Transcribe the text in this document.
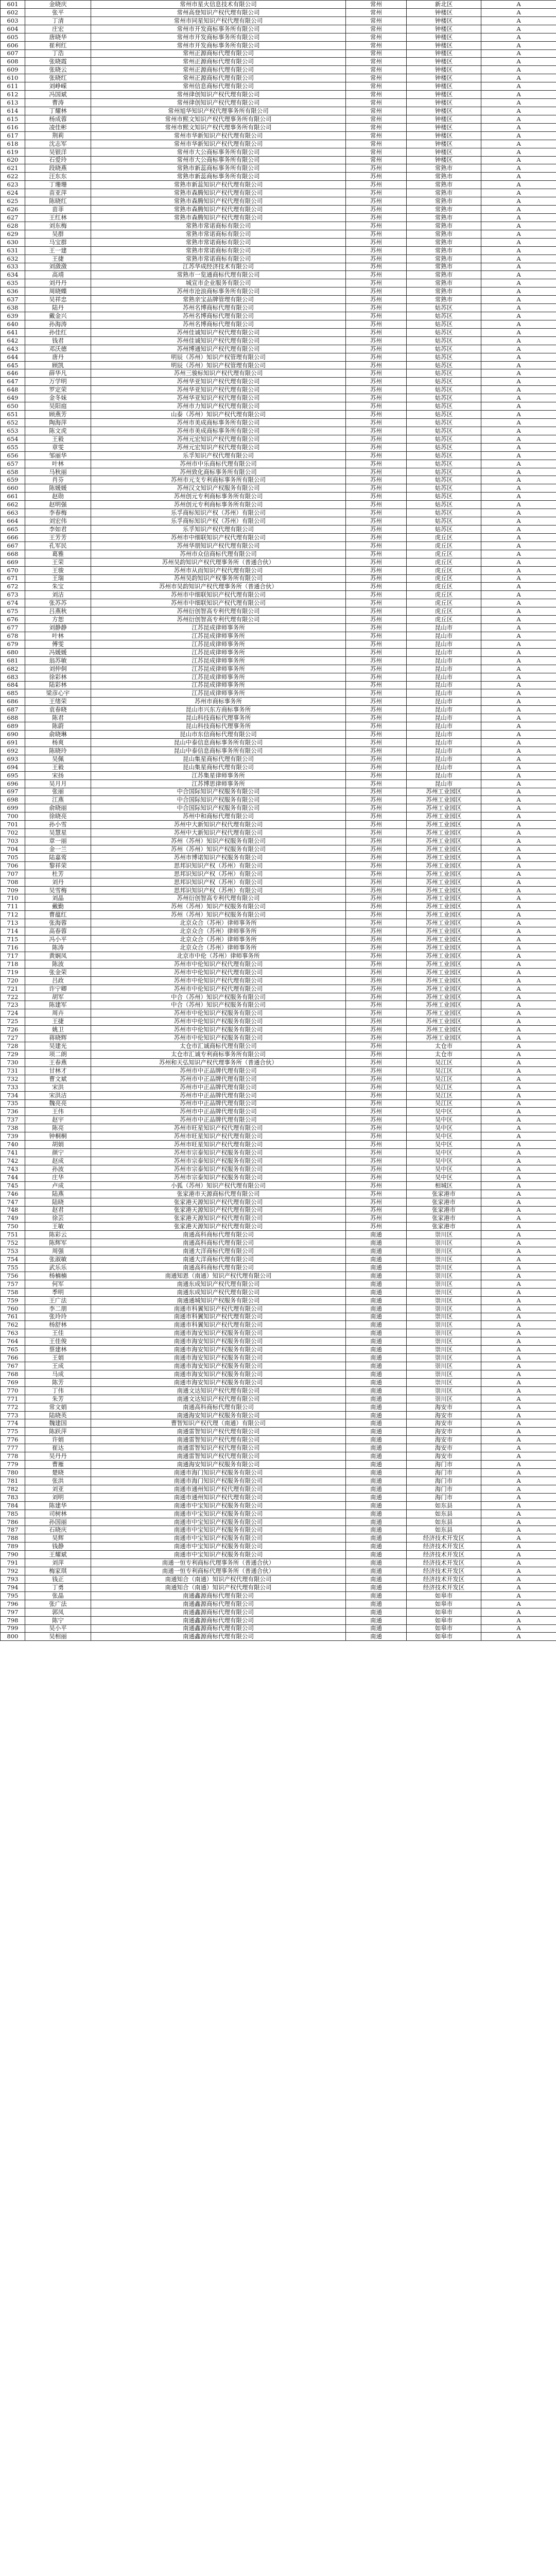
601	金晓庆	常州市星火信息技术有限公司	常州	新北区	A
602	张平	常州高登知识产权代理有限公司	常州	钟楼区	A
603	丁清	常州市同星知识产权代理有限公司	常州	钟楼区	A
604	庄宏	常州市开发商标事务所有限公司	常州	钟楼区	A
605	唐晓华	常州市开发商标事务所有限公司	常州	钟楼区	A
606	崔利红	常州市开发商标事务所有限公司	常州	钟楼区	A
607	丁浩	常州正源商标代理有限公司	常州	钟楼区	A
608	张晓霞	常州正源商标代理有限公司	常州	钟楼区	A
609	张晓云	常州正源商标代理有限公司	常州	钟楼区	A
610	张晓红	常州正源商标代理有限公司	常州	钟楼区	A
611	刘峥嵘	常州信息商标代理有限公司	常州	钟楼区	A
612	冯国斌	常州律创知识产权代理有限公司	常州	钟楼区	A
613	曹涛	常州律创知识产权代理有限公司	常州	钟楼区	A
614	丁耀林	常州旭华知识产权代理事务所有限公司	常州	钟楼区	A
615	杨成蓉	常州市熙文知识产权代理事务所有限公司	常州	钟楼区	A
616	凌佳彬	常州市熙文知识产权代理事务所有限公司	常州	钟楼区	A
617	荆莉	常州市华新知识产权代理有限公司	常州	钟楼区	A
618	沈志军	常州市华新知识产权代理有限公司	常州	钟楼区	A
619	吴银洋	常州市大公商标事务所有限公司	常州	钟楼区	A
620	石爱玲	常州市大公商标事务所有限公司	常州	钟楼区	A
621	段晓燕	常熟市新蕊商标事务所有限公司	苏州	常熟市	A
622	汪东东	常熟市新蕊商标事务所有限公司	苏州	常熟市	A
623	丁珊珊	常熟市新蕊知识产权代理有限公司	苏州	常熟市	A
624	苗亚萍	常熟市森腾知识产权代理有限公司	苏州	常熟市	A
625	陈晓红	常熟市森腾知识产权代理有限公司	苏州	常熟市	A
626	苗菲	常熟市森腾知识产权代理有限公司	苏州	常熟市	A
627	王红林	常熟市森腾知识产权代理有限公司	苏州	常熟市	A
628	刘东梅	常熟市常诺商标有限公司	苏州	常熟市	A
629	吴群	常熟市常诺商标有限公司	苏州	常熟市	A
630	马宝群	常熟市常诺商标有限公司	苏州	常熟市	A
631	王一建	常熟市常诺商标有限公司	苏州	常熟市	A
632	王捷	常熟市常诺商标有限公司	苏州	常熟市	A
633	刘潋潋	江苏华成经济技术有限公司	苏州	常熟市	A
634	高靖	常熟市一览通商标代理有限公司	苏州	常熟市	A
635	刘丹丹	城宣市企业服务有限公司	苏州	常熟市	A
636	周晓蝶	苏州市沧浪商标事务所有限公司	苏州	常熟市	A
637	吴祥忠	常熟亲宝品牌管理有限公司	苏州	常熟市	A
638	陆丹	苏州名博商标代理有限公司	苏州	姑苏区	A
639	戴金兴	苏州名博商标代理有限公司	苏州	姑苏区	A
640	孙海涛	苏州名博商标代理有限公司	苏州	姑苏区	A
641	孙佳红	苏州佳诚知识产权代理有限公司	苏州	姑苏区	A
642	钱君	苏州佳诚知识产权代理有限公司	苏州	姑苏区	A
643	邓沃德	苏州博通知识产权代理有限公司	苏州	姑苏区	A
644	唐丹	明辰（苏州）知识产权管理有限公司	苏州	姑苏区	A
645	顾凯	明辰（苏州）知识产权管理有限公司	苏州	姑苏区	A
646	薛华凡	苏州三骏标知识产权代理有限公司	苏州	姑苏区	A
647	万学明	苏州华亚知识产权代理有限公司	苏州	姑苏区	A
648	罗定荣	苏州华亚知识产权代理有限公司	苏州	姑苏区	A
649	金冬妹	苏州华亚知识产权代理有限公司	苏州	姑苏区	A
650	吴阳庭	苏州市力知识产权代理有限公司	苏州	姑苏区	A
651	顾燕芳	山泰（苏州）知识产权代理有限公司	苏州	姑苏区	A
652	陶海萍	苏州市美成商标事务所有限公司	苏州	姑苏区	A
653	陈文虎	苏州市美成商标事务所有限公司	苏州	姑苏区	A
654	王毅	苏州元宏知识产权代理有限公司	苏州	姑苏区	A
655	章雯	苏州元宏知识产权代理有限公司	苏州	姑苏区	A
656	邹丽华	乐孚知识产权代理有限公司	苏州	姑苏区	A
657	叶林	苏州市中乐商标代理有限公司	苏州	姑苏区	A
658	马秋丽	苏州致化商标事务所有限公司	苏州	姑苏区	A
659	肖芬	苏州市元支专利商标事务所有限公司	苏州	姑苏区	A
660	陈媛媛	苏州汉文知识产权服务有限公司	苏州	姑苏区	A
661	赵勋	苏州创元专利商标事务所有限公司	苏州	姑苏区	A
662	赵明强	苏州创元专利商标事务所有限公司	苏州	姑苏区	A
663	李春梅	乐孚商标知识产权（苏州）有限公司	苏州	姑苏区	A
664	刘宏伟	乐孚商标知识产权（苏州）有限公司	苏州	姑苏区	A
665	李如君	乐孚知识产权代理有限公司	苏州	姑苏区	A
666	王芳芳	苏州市中细联知识产权代理有限公司	苏州	虎丘区	A
667	孔军民	苏州华朋知识产权代理有限公司	苏州	虎丘区	A
668	葛雅	苏州市众信商标代理有限公司	苏州	虎丘区	A
669	王荣	苏州吴韵知识产权代理事务所（普通合伙）	苏州	虎丘区	A
670	王骏	苏州市从而知识产权代理有限公司	苏州	虎丘区	A
671	王瑞	苏州吴韵知识产权事务所有限公司	苏州	虎丘区	A
672	朱宝	苏州市吴韵知识产权代理事务所（普通合伙）	苏州	虎丘区	A
673	刘洁	苏州市中细联知识产权代理有限公司	苏州	虎丘区	A
674	张苏苏	苏州市中细联知识产权代理有限公司	苏州	虎丘区	A
675	吕燕秋	苏州衍创智高专利代理有限公司	苏州	虎丘区	A
676	方恕	苏州衍创智高专利代理有限公司	苏州	虎丘区	A
677	刘静静	江苏昆成律师事务所	苏州	昆山市	A
678	叶林	江苏昆成律师事务所	苏州	昆山市	A
679	傅雯	江苏昆成律师事务所	苏州	昆山市	A
680	冯媛媛	江苏昆成律师事务所	苏州	昆山市	A
681	翁苏敏	江苏昆成律师事务所	苏州	昆山市	A
682	刘仲侗	江苏昆成律师事务所	苏州	昆山市	A
683	徐彩林	江苏昆成律师事务所	苏州	昆山市	A
684	陆彩林	江苏昆成律师事务所	苏州	昆山市	A
685	梁彦心宇	江苏昆成律师事务所	苏州	昆山市	A
686	王绪荣	苏州市商标事务所	苏州	昆山市	A
687	袁春晓	昆山市兴东方商标事务所	苏州	昆山市	A
688	陈君	昆山科技商标代理事务所	苏州	昆山市	A
689	陈蔚	昆山科技商标代理事务所	苏州	昆山市	A
690	俞晓琳	昆山市东信商标代理有限公司	苏州	昆山市	A
691	杨爽	昆山中泰信息商标事务所有限公司	苏州	昆山市	A
692	陈晓玲	昆山中泰信息商标事务所有限公司	苏州	昆山市	A
693	吴佩	昆山集星商标代理有限公司	苏州	昆山市	A
694	王毅	昆山集星商标代理有限公司	苏州	昆山市	A
695	宋扬	江苏集星律师事务所	苏州	昆山市	A
696	吴月月	江苏博思律师事务所	苏州	昆山市	A
697	张丽	中合国际知识产权服务有限公司	苏州	苏州工业园区	A
698	江燕	中合国际知识产权服务有限公司	苏州	苏州工业园区	A
699	俞晓丽	中合国际知识产权服务有限公司	苏州	苏州工业园区	A
700	徐晓亮	苏州中和商标代理有限公司	苏州	苏州工业园区	A
701	孙小雪	苏州中大新知识产权代理有限公司	苏州	苏州工业园区	A
702	吴慧星	苏州中大新知识产权代理有限公司	苏州	苏州工业园区	A
703	章一丽	苏州（苏州）知识产权服务有限公司	苏州	苏州工业园区	A
704	金一兰	苏州（苏州）知识产权服务有限公司	苏州	苏州工业园区	A
705	陆嘉莺	苏州市博诺知识产权服务有限公司	苏州	苏州工业园区	A
706	黎祥荣	思邦识知识产权（苏州）有限公司	苏州	苏州工业园区	A
707	杜芳	思邦识知识产权（苏州）有限公司	苏州	苏州工业园区	A
708	刘丹	思邦识知识产权（苏州）有限公司	苏州	苏州工业园区	A
709	吴雪梅	思邦识知识产权（苏州）有限公司	苏州	苏州工业园区	A
710	刘晶	苏州衍创智高专利代理有限公司	苏州	苏州工业园区	A
711	戴勤	苏州（苏州）知识产权服务有限公司	苏州	苏州工业园区	A
712	曹蕴红	苏州（苏州）知识产权服务有限公司	苏州	苏州工业园区	A
713	张海蓉	北京众合（苏州）律师事务所	苏州	苏州工业园区	A
714	高春蓉	北京众合（苏州）律师事务所	苏州	苏州工业园区	A
715	冯小平	北京众合（苏州）律师事务所	苏州	苏州工业园区	A
716	陈涛	北京众合（苏州）律师事务所	苏州	苏州工业园区	A
717	黄娴凤	北京市中伦（苏州）律师事务所	苏州	苏州工业园区	A
718	陈波	苏州市中伦知识产权代理有限公司	苏州	苏州工业园区	A
719	张金荣	苏州市中伦知识产权代理有限公司	苏州	苏州工业园区	A
720	吕政	苏州市中伦知识产权代理有限公司	苏州	苏州工业园区	A
721	许宁卿	苏州市中伦知识产权代理有限公司	苏州	苏州工业园区	A
722	胡军	中合（苏州）知识产权服务有限公司	苏州	苏州工业园区	A
723	陈建军	中合（苏州）知识产权服务有限公司	苏州	苏州工业园区	A
724	周卉	苏州市中伦知识产权服务有限公司	苏州	苏州工业园区	A
725	王捷	苏州市中伦知识产权服务有限公司	苏州	苏州工业园区	A
726	姚卫	苏州市中伦知识产权服务有限公司	苏州	苏州工业园区	A
727	蒋晓辉	苏州市中伦知识产权服务有限公司	苏州	苏州工业园区	A
728	吴建光	太仓市汇诚商标代理有限公司	苏州	太仓市	A
729	项二朗	太仓市汇诚专利商标事务所有限公司	苏州	太仓市	A
730	王春燕	苏州和天弘知识产权代理事务所（普通合伙）	苏州	吴江区	A
731	甘林才	苏州市中正品牌代理有限公司	苏州	吴江区	A
732	曹文斌	苏州市中正品牌代理有限公司	苏州	吴江区	A
733	宋洪	苏州市中正品牌代理有限公司	苏州	吴江区	A
734	宋洪洁	苏州市中正品牌代理有限公司	苏州	吴江区	A
735	魏亮亮	苏州市中正品牌代理有限公司	苏州	吴江区	A
736	王伟	苏州市中正品牌代理有限公司	苏州	吴中区	A
737	赵宇	苏州市中正品牌代理有限公司	苏州	吴中区	A
738	陈亮	苏州市旺星知识产权代理有限公司	苏州	吴中区	A
739	钟桐桐	苏州市旺星知识产权代理有限公司	苏州	吴中区	A
740	胡娟	苏州市旺星知识产权代理有限公司	苏州	吴中区	A
741	颜宁	苏州市宗泰知识产权服务有限公司	苏州	吴中区	A
742	赵成	苏州市宗泰知识产权服务有限公司	苏州	吴中区	A
743	孙波	苏州市宗泰知识产权服务有限公司	苏州	吴中区	A
744	庄华	苏州市宗泰知识产权服务有限公司	苏州	吴中区	A
745	卢成	小狐（苏州）知识产权代理有限公司	苏州	相城区	A
746	陆燕	张家港市天源商标代理有限公司	苏州	张家港市	A
747	陆晓	张家港天源知识产权代理有限公司	苏州	张家港市	A
748	赵君	张家港天源知识产权代理有限公司	苏州	张家港市	A
749	徐芸	张家港天源知识产权代理有限公司	苏州	张家港市	A
750	王敏	张家港天源知识产权代理有限公司	苏州	张家港市	A
751	陈彩云	南通高科商标代理有限公司	南通	崇川区	A
752	陈辉军	南通高科商标代理有限公司	南通	崇川区	A
753	周强	南通大洋商标代理有限公司	南通	崇川区	A
754	张淑敏	南通大洋商标代理有限公司	南通	崇川区	A
755	武乐乐	南通高科商标代理有限公司	南通	崇川区	A
756	杨楠楠	南通知恩（南通）知识产权代理有限公司	南通	崇川区	A
757	何军	南通东成知识产权代理有限公司	南通	崇川区	A
758	季明	南通东成知识产权代理有限公司	南通	崇川区	A
759	王广法	南通通城知识产权服务有限公司	南通	崇川区	A
760	李二朋	南通市科翼知识产权代理有限公司	南通	崇川区	A
761	张玲玲	南通市科翼知识产权代理有限公司	南通	崇川区	A
762	杨舒林	南通市科翼知识产权代理有限公司	南通	崇川区	A
763	王佳	南通市海安知识产权服务有限公司	南通	崇川区	A
764	王佳俊	南通市海安知识产权服务有限公司	南通	崇川区	A
765	蔡建林	南通市海安知识产权服务有限公司	南通	崇川区	A
766	王娟	南通市海安知识产权服务有限公司	南通	崇川区	A
767	王成	南通市海安知识产权服务有限公司	南通	崇川区	A
768	马成	南通市海安知识产权服务有限公司	南通	崇川区	A
769	陈芳	南通市海安知识产权服务有限公司	南通	崇川区	A
770	丁伟	南通文达知识产权代理有限公司	南通	崇川区	A
771	朱芳	南通文达知识产权代理有限公司	南通	崇川区	A
772	常文娟	南通高科商标代理有限公司	南通	海安市	A
773	陆晓英	南通海安知识产权服务有限公司	南通	海安市	A
774	魏建国	曹智知识产权代理（南通）有限公司	南通	海安市	A
775	陈跃萍	南通雷智知识产权代理有限公司	南通	海安市	A
776	许娟	南通雷智知识产权代理有限公司	南通	海安市	A
777	崔达	南通雷智知识产权代理有限公司	南通	海安市	A
778	吴丹丹	南通雷智知识产权代理有限公司	南通	海安市	A
779	曹雁	南通海安知识产权服务有限公司	南通	海门市	A
780	楚晓	南通市海门知识产权服务有限公司	南通	海门市	A
781	张洪	南通市海门知识产权服务有限公司	南通	海门市	A
782	刘亚	南通市通州知识产权代理有限公司	南通	海门市	A
783	刘明	南通市通州知识产权代理有限公司	南通	海门市	A
784	陈建华	南通市中宝知识产权服务有限公司	南通	如东县	A
785	司树林	南通市中宝知识产权服务有限公司	南通	如东县	A
786	孙国丽	南通市中宝知识产权服务有限公司	南通	如东县	A
787	石晓庆	南通市中宝知识产权服务有限公司	南通	如东县	A
788	吴辉	南通市中宝知识产权服务有限公司	南通	经济技术开发区	A
789	钱静	南通市中宝知识产权服务有限公司	南通	经济技术开发区	A
790	王耀斌	南通市中宝知识产权服务有限公司	南通	经济技术开发区	A
791	刘萍	南通一恒专利商标代理事务所（普通合伙）	南通	经济技术开发区	A
792	梅家琪	南通一恒专利商标代理事务所（普通合伙）	南通	经济技术开发区	A
793	钱正	南通知合（南通）知识产权代理有限公司	南通	经济技术开发区	A
794	丁勇	南通知合（南通）知识产权代理有限公司	南通	经济技术开发区	A
795	张晶	南通鑫源商标代理有限公司	南通	如皋市	A
796	张广法	南通鑫源商标代理有限公司	南通	如皋市	A
797	郭凤	南通鑫源商标代理有限公司	南通	如皋市	A
798	陈宁	南通鑫源商标代理有限公司	南通	如皋市	A
799	吴小平	南通鑫源商标代理有限公司	南通	如皋市	A
800	吴相丽	南通鑫源商标代理有限公司	南通	如皋市	A
